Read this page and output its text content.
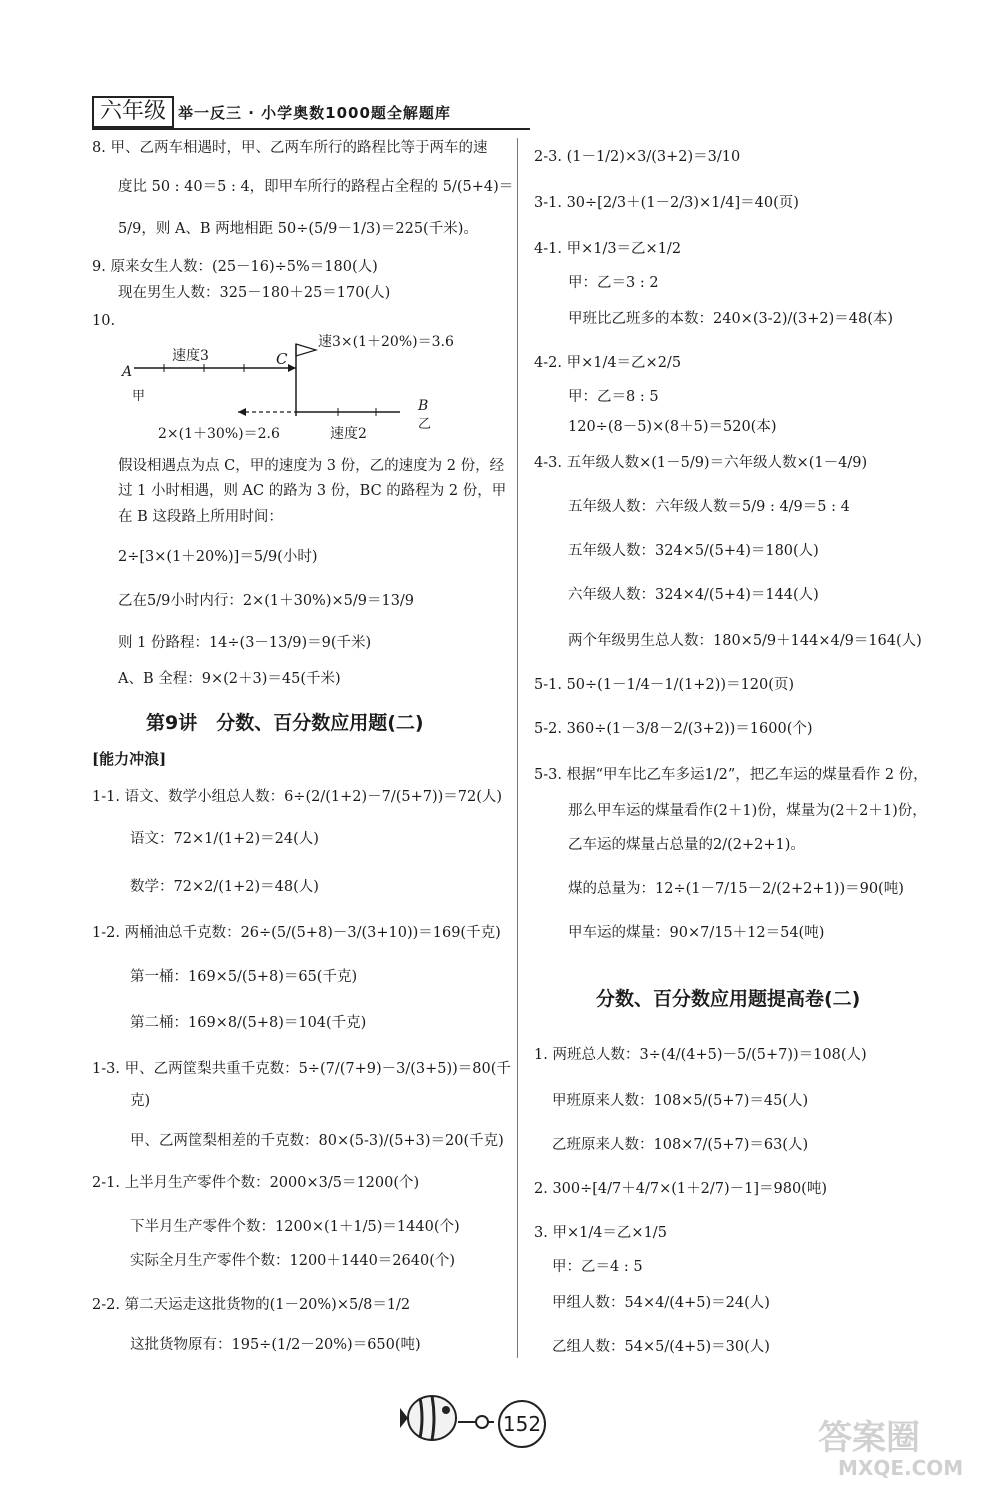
六年级 举一反三 · 小学奥数1000题全解题库
8. 甲、乙两车相遇时，甲、乙两车所行的路程比等于两车的速
度比 50 : 40＝5 : 4，即甲车所行的路程占全程的 5/(5+4)＝
5/9，则 A、B 两地相距 50÷(5/9－1/3)＝225(千米)。
9. 原来女生人数：(25－16)÷5%＝180(人)
现在男生人数：325－180＋25＝170(人)
10.
速3×(1＋20%)＝3.6
速度3
A
甲
C
B
乙
2×(1＋30%)＝2.6	速度2
假设相遇点为点 C，甲的速度为 3 份，乙的速度为 2 份，经
过 1 小时相遇，则 AC 的路为 3 份，BC 的路程为 2 份，甲
在 B 这段路上所用时间：
2÷[3×(1＋20%)]＝5/9(小时)
乙在5/9小时内行：2×(1＋30%)×5/9＝13/9
则 1 份路程：14÷(3－13/9)＝9(千米)
A、B 全程：9×(2＋3)＝45(千米)
第9讲　分数、百分数应用题(二)
[能力冲浪]
1-1. 语文、数学小组总人数：6÷(2/(1+2)－7/(5+7))＝72(人)
语文：72×1/(1+2)＝24(人)
数学：72×2/(1+2)＝48(人)
1-2. 两桶油总千克数：26÷(5/(5+8)－3/(3+10))＝169(千克)
第一桶：169×5/(5+8)＝65(千克)
第二桶：169×8/(5+8)＝104(千克)
1-3. 甲、乙两筐梨共重千克数：5÷(7/(7+9)－3/(3+5))＝80(千
克)
甲、乙两筐梨相差的千克数：80×(5-3)/(5+3)＝20(千克)
2-1. 上半月生产零件个数：2000×3/5＝1200(个)
下半月生产零件个数：1200×(1＋1/5)＝1440(个)
实际全月生产零件个数：1200＋1440＝2640(个)
2-2. 第二天运走这批货物的(1－20%)×5/8＝1/2
这批货物原有：195÷(1/2－20%)＝650(吨)
2-3. (1－1/2)×3/(3+2)＝3/10
3-1. 30÷[2/3＋(1－2/3)×1/4]＝40(页)
4-1. 甲×1/3＝乙×1/2
甲：乙＝3 : 2
甲班比乙班多的本数：240×(3-2)/(3+2)＝48(本)
4-2. 甲×1/4＝乙×2/5
甲：乙＝8 : 5
120÷(8－5)×(8＋5)＝520(本)
4-3. 五年级人数×(1－5/9)＝六年级人数×(1－4/9)
五年级人数：六年级人数＝5/9 : 4/9＝5 : 4
五年级人数：324×5/(5+4)＝180(人)
六年级人数：324×4/(5+4)＝144(人)
两个年级男生总人数：180×5/9＋144×4/9＝164(人)
5-1. 50÷(1－1/4－1/(1+2))＝120(页)
5-2. 360÷(1－3/8－2/(3+2))＝1600(个)
5-3. 根据“甲车比乙车多运1/2”，把乙车运的煤量看作 2 份，
那么甲车运的煤量看作(2＋1)份，煤量为(2＋2＋1)份，
乙车运的煤量占总量的2/(2+2+1)。
煤的总量为：12÷(1－7/15－2/(2+2+1))＝90(吨)
甲车运的煤量：90×7/15＋12＝54(吨)
分数、百分数应用题提高卷(二)
1. 两班总人数：3÷(4/(4+5)－5/(5+7))＝108(人)
甲班原来人数：108×5/(5+7)＝45(人)
乙班原来人数：108×7/(5+7)＝63(人)
2. 300÷[4/7＋4/7×(1＋2/7)－1]＝980(吨)
3. 甲×1/4＝乙×1/5
甲：乙＝4 : 5
甲组人数：54×4/(4+5)＝24(人)
乙组人数：54×5/(4+5)＝30(人)
152	答案圈
MXQE.COM
